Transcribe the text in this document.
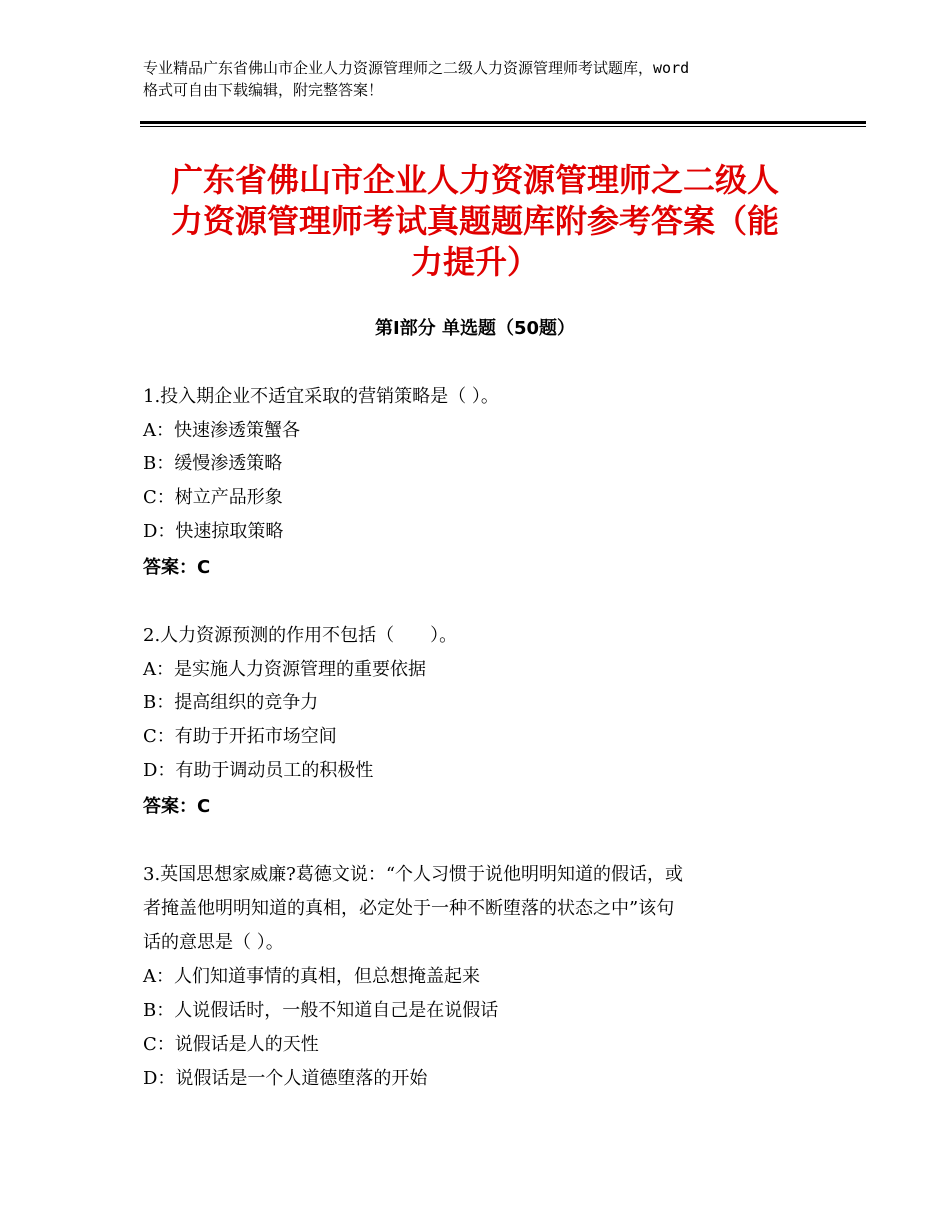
专业精品广东省佛山市企业人力资源管理师之二级人力资源管理师考试题库，word
格式可自由下载编辑，附完整答案！
广东省佛山市企业人力资源管理师之二级人
力资源管理师考试真题题库附参考答案（能
力提升）
第Ⅰ部分 单选题（50题）
1.投入期企业不适宜采取的营销策略是（ ）。
A：快速渗透策蟹各
B：缓慢渗透策略
C：树立产品形象
D：快速掠取策略
答案：C
2.人力资源预测的作用不包括（　　）。
A：是实施人力资源管理的重要依据
B：提高组织的竞争力
C：有助于开拓市场空间
D：有助于调动员工的积极性
答案：C
3.英国思想家威廉?葛德文说：“个人习惯于说他明明知道的假话，或
者掩盖他明明知道的真相，必定处于一种不断堕落的状态之中”该句
话的意思是（ ）。
A：人们知道事情的真相，但总想掩盖起来
B：人说假话时，一般不知道自己是在说假话
C：说假话是人的天性
D：说假话是一个人道德堕落的开始
